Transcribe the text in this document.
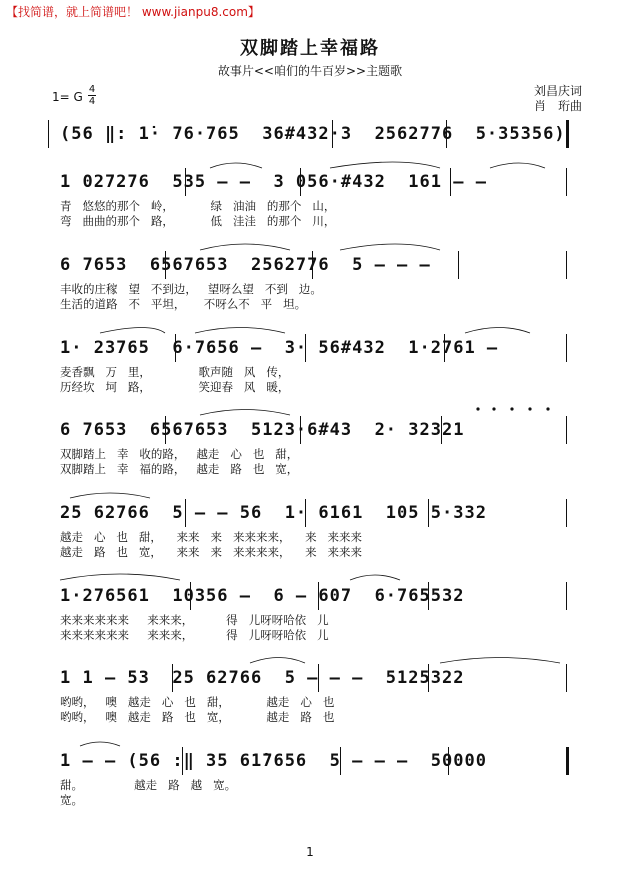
【找简谱，就上简谱吧！ www.jianpu8.com】
双脚踏上幸福路
故事片<<咱们的牛百岁>>主题歌
刘昌庆词
肖　珩曲
1= G
4
4
(56 ‖: 1̇· 76·765  36#432·3  2562776  5·35356)
1 027276  535 — —  3 056·#432  161 — —
青   悠悠的那个   岭，          绿   油油   的那个   山，
弯   曲曲的那个   路，          低   洼洼   的那个   川，
6 7653  6567653  2562776  5 — — —
丰收的庄稼   望   不到边，   望呀么望   不到   边。
生活的道路   不   平坦，     不呀么不   平   坦。
1· 23765  6·7656 —  3· 56#432  1·2761 —
麦香飘   万   里，             歌声随   风   传，
历经坎   坷   路，             笑迎春   风   暖，
6 7653  6567653  5123·6#43  2· 32321
双脚踏上   幸   收的路，   越走   心   也   甜，
双脚踏上   幸   福的路，   越走   路   也   宽，
25 62766  5 — — 56  1· 6161  105 5·332
越走   心   也   甜，    来来   来   来来来来，    来   来来来
越走   路   也   宽，    来来   来   来来来来，    来   来来来
1·276561  10356 —  6 — 607  6·765532
来来来来来来     来来来，         得   儿呀呀哈依   儿
来来来来来来     来来来，         得   儿呀呀哈依   儿
1 1 — 53  25 62766  5 — — —  5125322
哟哟，   噢   越走   心   也   甜，          越走   心   也
哟哟，   噢   越走   路   也   宽，          越走   路   也
1 — — (56 :‖ 35 61̇7656  5 — — —  50000
甜。              越走   路   越   宽。
宽。
1
